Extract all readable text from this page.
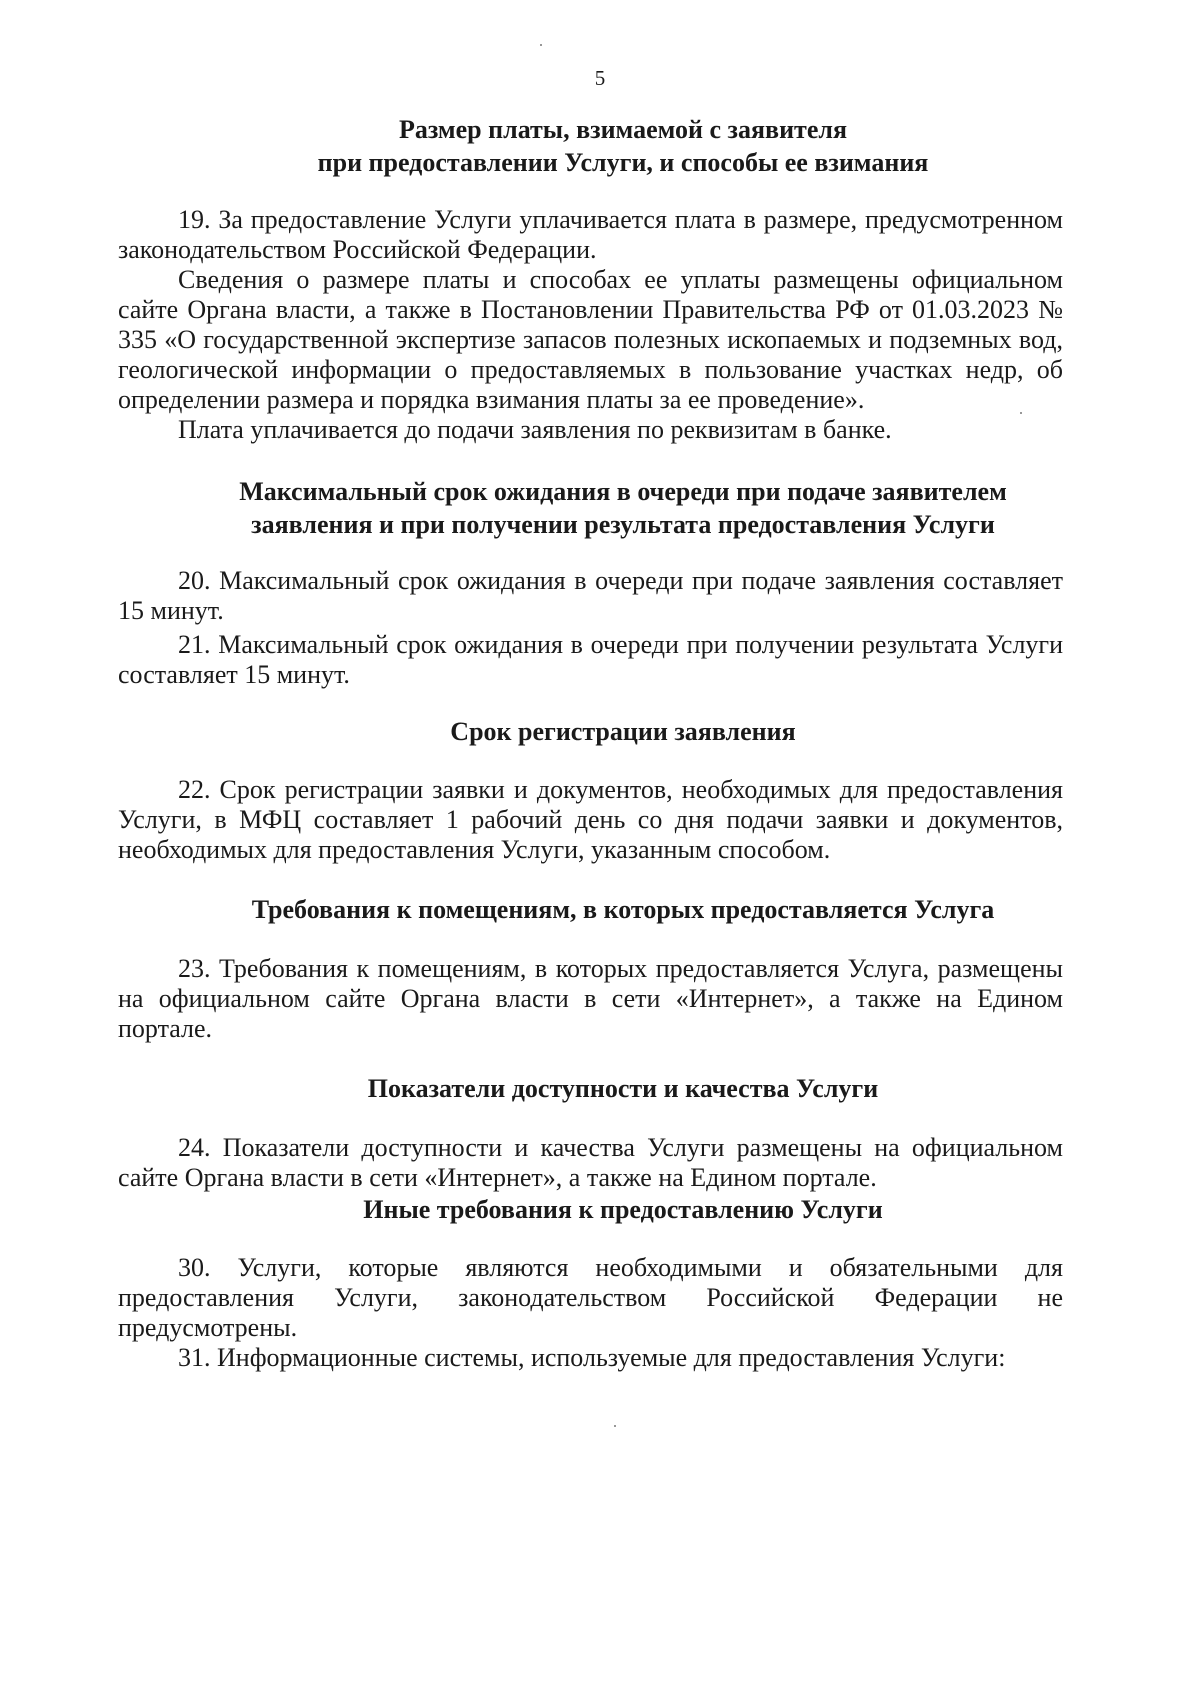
5
Размер платы, взимаемой с заявителя
при предоставлении Услуги, и способы ее взимания

19. За предоставление Услуги уплачивается плата в размере, предусмотренном законодательством Российской Федерации.

Сведения о размере платы и способах ее уплаты размещены официальном сайте Органа власти, а также в Постановлении Правительства РФ от 01.03.2023 № 335 «О государственной экспертизе запасов полезных ископаемых и подземных вод, геологической информации о предоставляемых в пользование участках недр, об определении размера и порядка взимания платы за ее проведение».

Плата уплачивается до подачи заявления по реквизитам в банке.

Максимальный срок ожидания в очереди при подаче заявителем
заявления и при получении результата предоставления Услуги

20. Максимальный срок ожидания в очереди при подаче заявления составляет 15 минут.

21. Максимальный срок ожидания в очереди при получении результата Услуги составляет 15 минут.

Срок регистрации заявления

22. Срок регистрации заявки и документов, необходимых для предоставления Услуги, в МФЦ составляет 1 рабочий день со дня подачи заявки и документов, необходимых для предоставления Услуги, указанным способом.

Требования к помещениям, в которых предоставляется Услуга

23. Требования к помещениям, в которых предоставляется Услуга, размещены на официальном сайте Органа власти в сети «Интернет», а также на Едином портале.

Показатели доступности и качества Услуги

24. Показатели доступности и качества Услуги размещены на официальном сайте Органа власти в сети «Интернет», а также на Едином портале.

Иные требования к предоставлению Услуги

30. Услуги, которые являются необходимыми и обязательными для предоставления Услуги, законодательством Российской Федерации не предусмотрены.

31. Информационные системы, используемые для предоставления Услуги:
